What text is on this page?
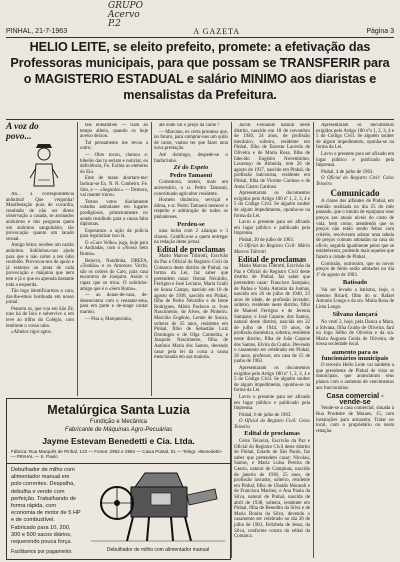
GRUPO
Acervo
P.2
PINHAL, 21-7-1963	A GAZETA	Página 3
HELIO LEITE, se eleito prefeito, promete: a efetivação das Professoras municipais, para que possam se TRANSFERIR para o MAGISTERIO ESTADUAL e salário MINIMO aos diaristas e mensalistas da Prefeitura.
A voz do povo...

Ah... a correspondência anônima! Que vergonha! Manifestação pura de covardia, resultado de não ser direto observação a casada, se assinados anônimos e dos pergunta quem um anônimo sanguinário, tão provocação quanto um tarado sexual.

Amigo leitor, recebes um cartão anônimo. Sublinhou-nos ajuda para que o não cobre a teu ódio recebido. Provocou-nos de apoio e já estamos ou prata de cada provocação e máquina que nem tem e já o que eu aprenda bastante toda a esquerda.

Tão logo identificarmos o cara, dar-lhe-emos bordoada em nosso jornal.

Pensem os, que vou em São Zé, tons há de Ioio e sobrevive o em leve ao trilho do Colégio, com lembrete o vosso rabo.

»Alheios rigor sgtos.

tais eliteamboe — riam ao tempo alheio, quando os hoje acesso deixou.

Tal pensamento me levou a outro:

— Obre tocou, clamou e: bibelôs das tu seriam e noticiar, eu deficiência, Fo. Exibia os eleitores do Eio.

Ente de mano abortam-me: Indicar-se Ex. N. N. Conheiro. Fe. Sim, a — «Seguidor.» — Demora, vai manter mirou.

Temos votos diariamente votados ambulante em lugares prodigiosos, primeiramente no aonde residindo para a causa falta diplomas.

Esperamos a ação da polícia para regularizar isso lá.

O «Caro Velho» joga, hoje para o Andradas, com o «Nosso Sem Rumo».

Belecro, Nondinha, DREFA, «Tonhão» e os Amoroso Virchi, são os cobres do Caro, para casa encontros de Joaquim. Assim o rapaz que os triou. O sobrinho-amigo que é o «Sem Rumo».

— ao donas-de-casa, de-desencontra com o ceeantar-ema, para em parte e de-longe cantar marmo.

— Pisa a, Marquesinha,

até onde vai o preço da carne ?

— Marcano, ex certa promesa que, no futuro, para comprar-nos um quilo de carne, vamos ter que fazer uma nova prestação.

Até domingo, despede-se o fanfarrinho.

Zé do Espeto
Pedro Tamaoni

Comemora, ontem, mais um aniversário, o sr. Pedro Tamaoni, conceituado agricultor residente.

Homem dinâmico, serviçal e ótima, e sr. Pedro Tamaoni merecer o respeito e admiração de todos os pinhalenses.

Perdeu-se

uma bolsa com 2 alianças e 3 chaves. Gratifica-se a quem entregar na redação deste jornal.

Edital de proclamas

Mario Marcos Tóbrotti, Escrivão da Paz e Oficial do Registro Civil da Comarca deste distrito de Pinhal, na forma da Lei, faz saber que pretendem casar: Osmar Nécaldio, Ferrigno e José Leciano, Maria Grafo de Sousa Campo, nascido em 10 de agosto de 1938, nascido em Pinhal, filho de Pedro Nécaldio e de Irene Rodrigues, Mário Pacheco sr. Ivan Nascimento, de Alves, de Pinheiro. Marcilio Eugênio, Lemie de Souza, solteira de 25 anos, residente em Pinhal, filho de Sebastião Luiz Domingos e de Olga Carmelita, e Joaquim Nascimento, filha de Antônio Maria dos Santos, devendo casar pela lei da coisa a causa mencionada em sua maioria.

Jacob. Fernando natural deste distrito, nascido em 18 de novembro de 1940, 24 anos, de profissão mecânico, solteiro, residente em Pinhal, filho de Ernesto Lacerda de Oliveira e de Maria Rosa, filha de falecido Eugênio Novembrino, Lourenço de Almeida, tem 26 de agosto de 1937, nascido em Pinhal, de profissão balconista, residente em Pinhal, filha de Vicente Cardoso e de Anna Castro Cardoso.

Apresentaram os documentos exigidos pelo Artigo 180 nº 1, 2, 3, 4 e 5 do Código Civil. Se alguém souber de algum impedimento, oponha-se na forma da Lei.

Lavro o presente para ser afixado em lugar público e publicado pela Imprensa.

Pinhal, 20 de julho de 1963.

O Oficial do Registro Civil: Mário Marcos Tóbrotti

Edital de proclamas

Mario Marcos Tóbrotti, Escrivão da Paz e Oficial do Registro Civil deste distrito de Pinhal, faz saber que pretendem casar: Francisco Sampaio, de Pádua e Vania Antonia da Junhas, nascido em 26 de julho de 1940, 23 anos de idade, de profissão lavrador, solteiro, residente neste distrito, filho de Manoel Ferrigno e de Jerenia Sampaio; e José Capone, dos Santos, natural deste distrito, nascida em 22 de julho de 1944, 19 anos, de profissão doméstica, solteira, residente neste distrito, filha de João Capone dos Santos, Elvira da Cunha. Devendo o casamento ser celebrado em Pinhal, 36 anos, professor, em casa de 15 de junho de 1963.

Apresentaram os documentos exigidos pelo Artigo 180 nº 1, 2, 3, 4 e 5 do Código Civil. Se alguém souber de algum impedimento, oponha-se na forma da Lei.

Lavro o presente para ser afixado em lugar público e publicado pela Imprensa.

Pinhal, 6 de julho de 1963.

O Oficial do Registro Civil: Celso Teixeira

Edital de proclamas

Celso Teixeira, Escrivão da Paz e Oficial do Registro Civil deste distrito de Pinhal, Estado de São Paulo, faz saber que pretendem casar: Nicolau, Santos, e Maria Luísa Pereira de Castro, natural de Campinas, nascido de janeiro de 1938, 25 anos, de profissão lavrador, solteiro, residente em Pinhal, filho de Ubaldo Morandi e de Francisca Martins; e Ana Paula da Silva, natural de Pinhal, nascida de abril de 1938, solteira, residente em Pinhal, filha de Benedito da Silva e de Maria Bonita da Silva, devendo o casamento ser celebrado no dia 20 de julho de 1963, Felizbela de Jesus, da Silva, conforme consta do edital da Comarca.

Apresentaram os documentos exigidos pelo Artigo 180 nºs 1, 2, 3, 4 e 5 do Código Civil. Se alguém souber de algum impedimento, oponha-se na forma da Lei.

Lavro o presente para ser afixado em lugar público e publicado pela Imprensa.

Pinhal, 4 de julho de 1963.

O Oficial do Registro Civil: Celso Teixeira

Comunicado

A classe dos alfaiates de Pinhal, em reunião realizada no dia 25 do mês passado, que o intuito de equiparar seus preços aos atuais níveis do custo de vida, bem como, atendendo que os preços não estão sendo feitos com critério, resolveram adotar uma tabela de preços comum adotadas na casa do oficio, seguida igualmente pelos que se estabelecem, podendo mais aqueles que fazem a cidade de Pinhal.

Comissão, outrossim, que os novos preços de feitio serão adotados no dia 1º de agosto de 1963.

Batisado

Vai ser levado a batismo, hoje, o menino Ricard, filho do sr. Rafael Antonio Longo e da sra. Maria Rosa de Lima Longo.

Silvana dançará

No vesti 2, hoje, pela Danca a Mara, a Silvana, filha Guido de Oliveira, fará no Jogo Sélbo de Oliveira e da sra. Maria Augusta Guida de Oliveira, de nossa sociedade local.

aumento para os funcionários municipais

O terceiro Helio Leite vai também a que presidente de Pinhal de vista os municipais, que anunciaram seus planos com o aumento de vencimentos aos funcionários.

Casa comercial - vende-se

Vende-se a casa comercial, situada à Rua Prudente de Moraes, 15, com instalações para armazém. Tratar no local, com o proprietário ou nesta redação.

Metalúrgica Santa Luzia
Fundição e Mecânica
Fabricante de Máquinas Agro-Pecuárias
Jayme Estevam Benedetti e Cia. Ltda.
Fábrica: Rua Marquês de Pinhal, 123 — Fones: 2962 e 2964 — Caixa Postal, 51 — Telegr. «Benedetti» — PINHAL — S. Paulo
Debulhador de milho com alimentador manual em polo correntes. Despalha, debulha e vende com perfeição. Trabalhando de forma rápida, com economia de motor de 5 HP e de combustível. Fabricado para 10, 200, 300 e 500 sacos diários, requerendo pouca força.
Debulhador de milho com alimentador manual
Facilitamos por pagamento.
